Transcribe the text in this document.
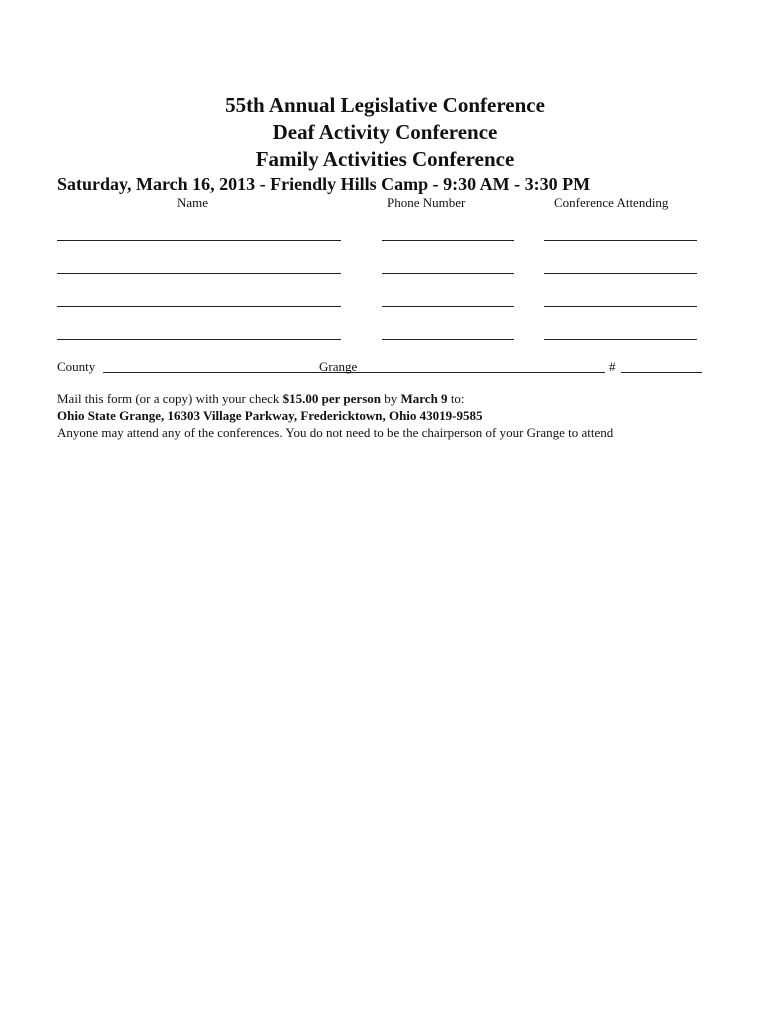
55th Annual Legislative Conference
Deaf Activity Conference
Family Activities Conference
Saturday, March 16, 2013 - Friendly Hills Camp - 9:30 AM - 3:30 PM
Name	Phone Number	Conference Attending
County	Grange	#
Mail this form (or a copy) with your check $15.00 per person by March 9 to:
Ohio State Grange, 16303 Village Parkway, Fredericktown, Ohio 43019-9585
Anyone may attend any of the conferences. You do not need to be the chairperson of your Grange to attend
